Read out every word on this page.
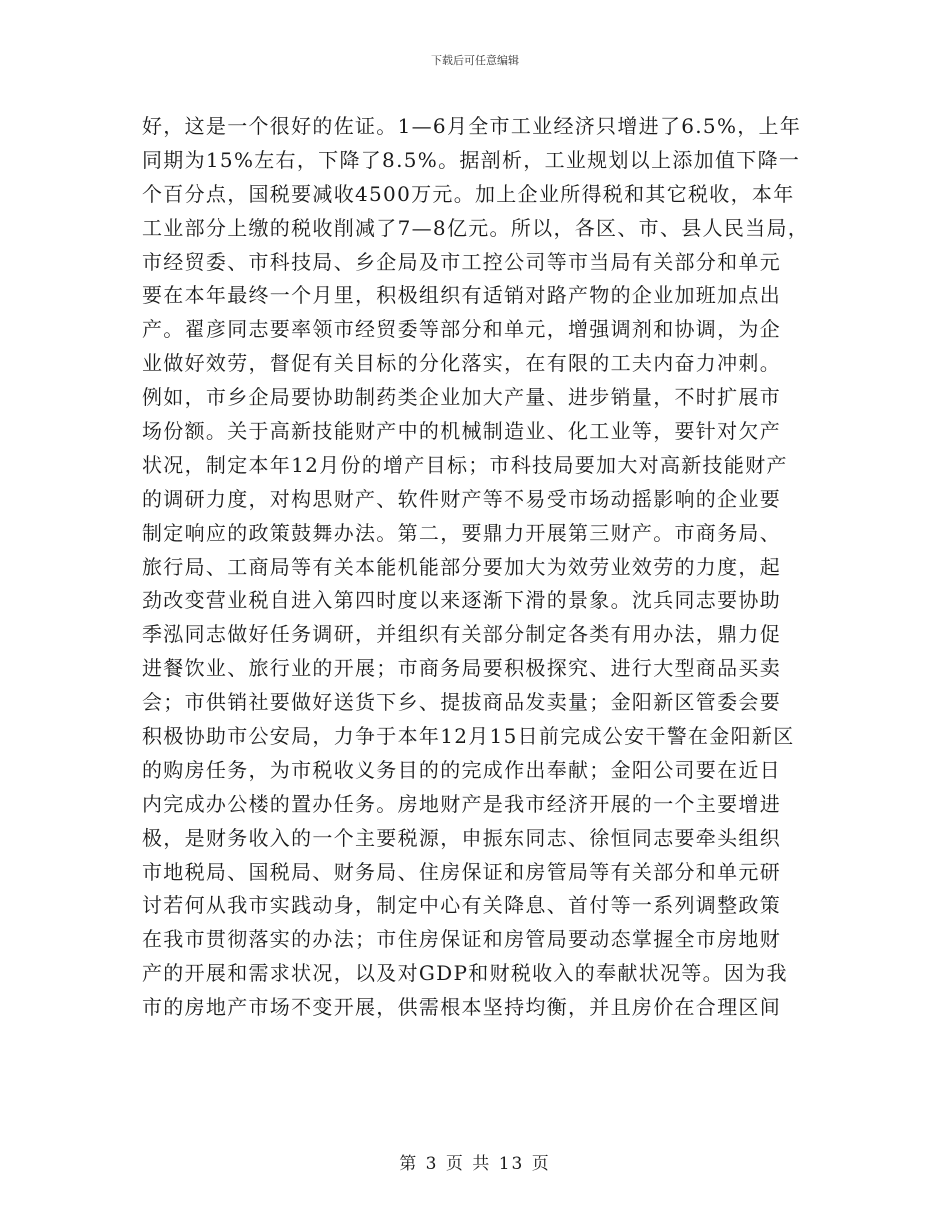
下载后可任意编辑
好，这是一个很好的佐证。1—6月全市工业经济只增进了6.5%，上年
同期为15%左右，下降了8.5%。据剖析，工业规划以上添加值下降一
个百分点，国税要减收4500万元。加上企业所得税和其它税收，本年
工业部分上缴的税收削减了7—8亿元。所以，各区、市、县人民当局，
市经贸委、市科技局、乡企局及市工控公司等市当局有关部分和单元
要在本年最终一个月里，积极组织有适销对路产物的企业加班加点出
产。翟彦同志要率领市经贸委等部分和单元，增强调剂和协调，为企
业做好效劳，督促有关目标的分化落实，在有限的工夫内奋力冲刺。
例如，市乡企局要协助制药类企业加大产量、进步销量，不时扩展市
场份额。关于高新技能财产中的机械制造业、化工业等，要针对欠产
状况，制定本年12月份的增产目标；市科技局要加大对高新技能财产
的调研力度，对构思财产、软件财产等不易受市场动摇影响的企业要
制定响应的政策鼓舞办法。第二，要鼎力开展第三财产。市商务局、
旅行局、工商局等有关本能机能部分要加大为效劳业效劳的力度，起
劲改变营业税自进入第四时度以来逐渐下滑的景象。沈兵同志要协助
季泓同志做好任务调研，并组织有关部分制定各类有用办法，鼎力促
进餐饮业、旅行业的开展；市商务局要积极探究、进行大型商品买卖
会；市供销社要做好送货下乡、提拔商品发卖量；金阳新区管委会要
积极协助市公安局，力争于本年12月15日前完成公安干警在金阳新区
的购房任务，为市税收义务目的的完成作出奉献；金阳公司要在近日
内完成办公楼的置办任务。房地财产是我市经济开展的一个主要增进
极，是财务收入的一个主要税源，申振东同志、徐恒同志要牵头组织
市地税局、国税局、财务局、住房保证和房管局等有关部分和单元研
讨若何从我市实践动身，制定中心有关降息、首付等一系列调整政策
在我市贯彻落实的办法；市住房保证和房管局要动态掌握全市房地财
产的开展和需求状况，以及对GDP和财税收入的奉献状况等。因为我
市的房地产市场不变开展，供需根本坚持均衡，并且房价在合理区间
第 3 页 共 13 页
